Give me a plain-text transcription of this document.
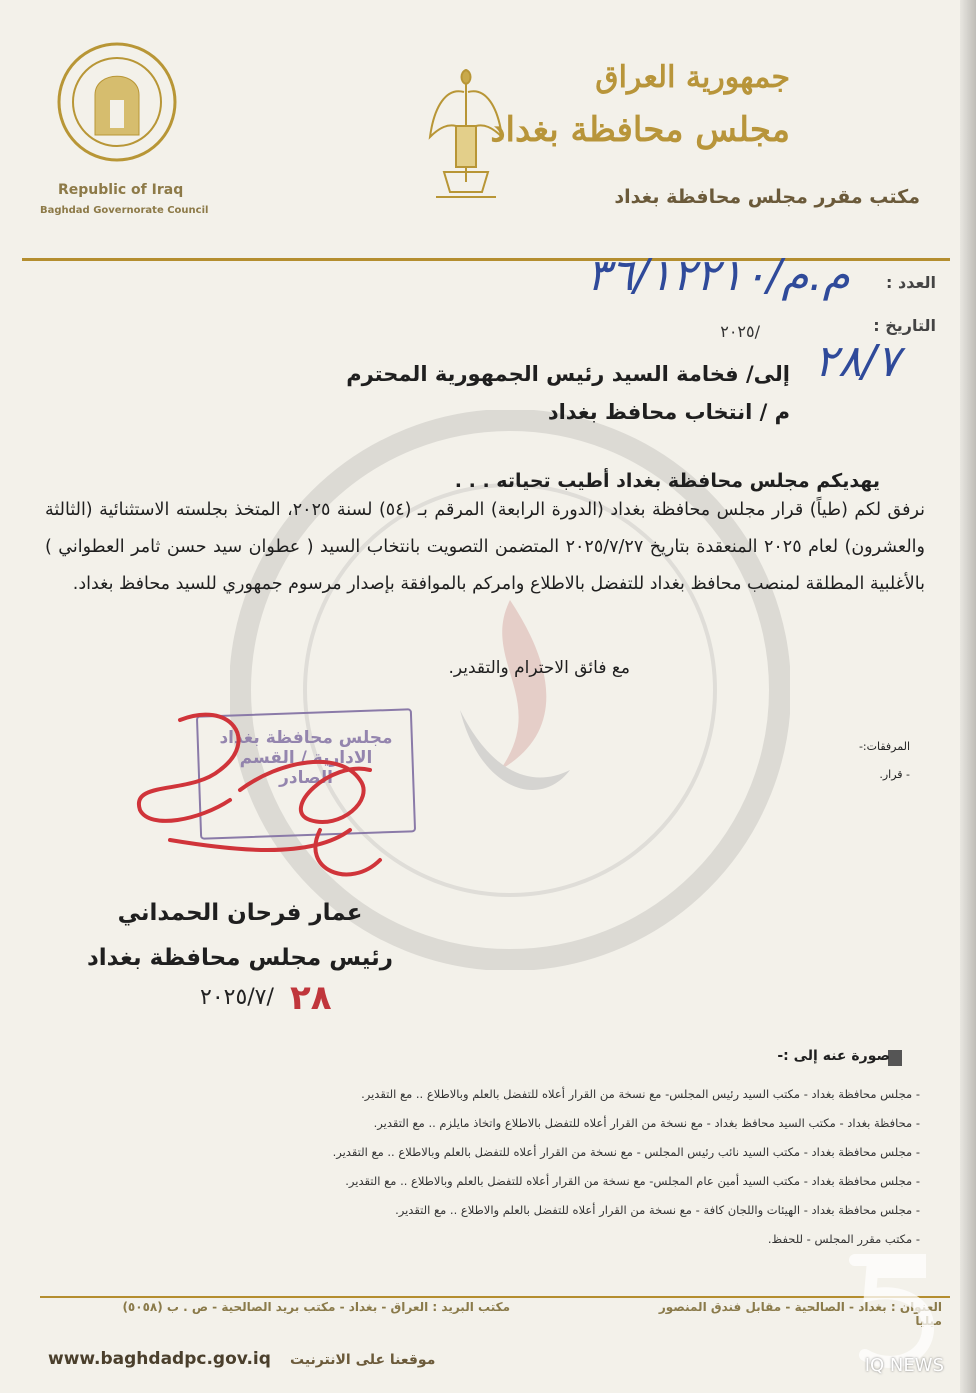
جمهورية العراق
مجلس محافظة بغداد
مكتب مقرر مجلس محافظة بغداد
Republic of Iraq
Baghdad Governorate Council
العدد :
م.م/٣٦/١٢٢١٠
التاريخ :
٢٠٢٥/
٢٨/٧
إلى/ فخامة السيد رئيس الجمهورية المحترم
م / انتخاب محافظ بغداد
يهديكم مجلس محافظة بغداد أطيب تحياته . . .
نرفق لكم (طياً) قرار مجلس محافظة بغداد (الدورة الرابعة) المرقم بـ (٥٤) لسنة ٢٠٢٥، المتخذ بجلسته الاستثنائية (الثالثة والعشرون) لعام ٢٠٢٥ المنعقدة بتاريخ ٢٠٢٥/٧/٢٧ المتضمن التصويت بانتخاب السيد ( عطوان سيد حسن ثامر العطواني ) بالأغلبية المطلقة لمنصب محافظ بغداد للتفضل بالاطلاع وامركم بالموافقة بإصدار مرسوم جمهوري للسيد محافظ بغداد.
مع فائق الاحترام والتقدير.
المرفقات:-
- قرار.
مجلس محافظة بغداد
الادارية / القسم
الصادر
عمار فرحان الحمداني
رئيس مجلس محافظة بغداد
٢٠٢٥/٧/ ٢٨
صورة عنه إلى :-
- مجلس محافظة بغداد - مكتب السيد رئيس المجلس- مع نسخة من القرار أعلاه للتفضل بالعلم وبالاطلاع .. مع التقدير.
- محافظة بغداد - مكتب السيد محافظ بغداد - مع نسخة من القرار أعلاه للتفضل بالاطلاع واتخاذ مايلزم .. مع التقدير.
- مجلس محافظة بغداد - مكتب السيد نائب رئيس المجلس - مع نسخة من القرار أعلاه للتفضل بالعلم وبالاطلاع .. مع التقدير.
- مجلس محافظة بغداد - مكتب السيد أمين عام المجلس- مع نسخة من القرار أعلاه للتفضل بالعلم وبالاطلاع .. مع التقدير.
- مجلس محافظة بغداد - الهيئات واللجان كافة - مع نسخة من القرار أعلاه للتفضل بالعلم والاطلاع .. مع التقدير.
- مكتب مقرر المجلس - للحفظ.
العنوان : بغداد - الصالحية - مقابل فندق المنصور ميليا
مكتب البريد : العراق - بغداد - مكتب بريد الصالحية - ص . ب (٥٠٥٨)
موقعنا على الانترنيت
www.baghdadpc.gov.iq	IQ NEWS
